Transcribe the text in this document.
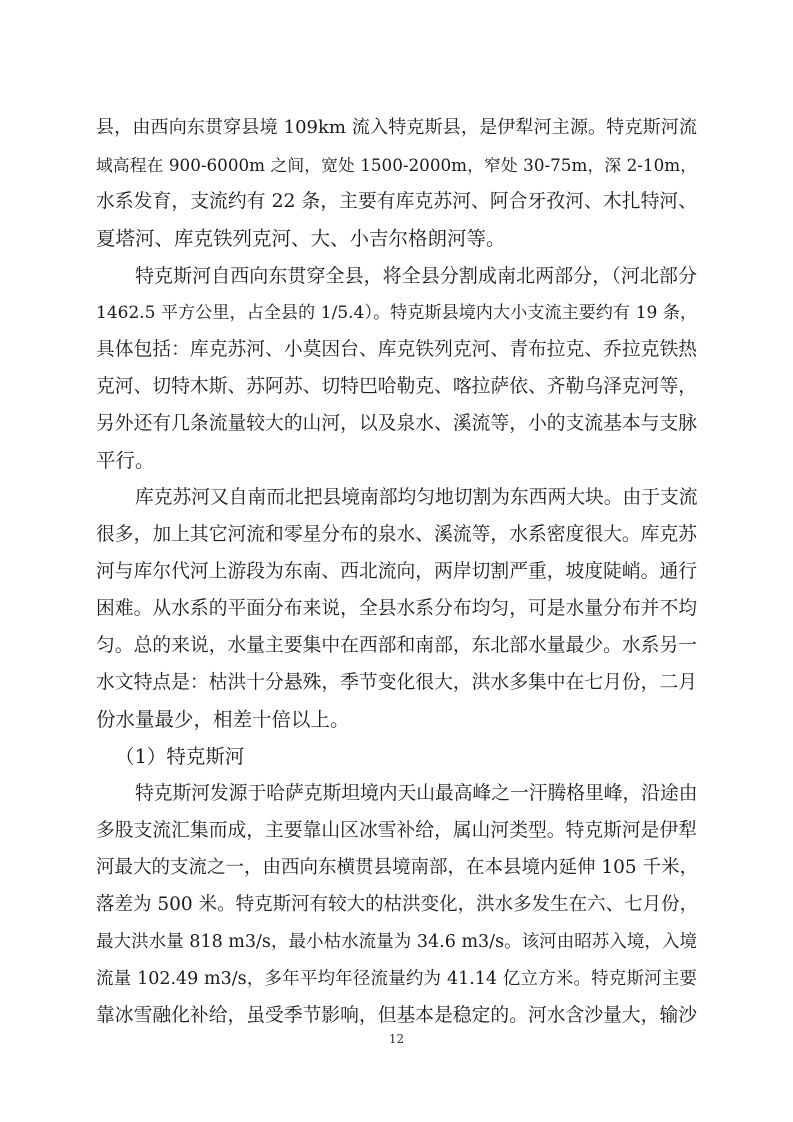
县，由西向东贯穿县境 109km 流入特克斯县，是伊犁河主源。特克斯河流
域高程在 900-6000m 之间，宽处 1500-2000m，窄处 30-75m，深 2-10m，
水系发育，支流约有 22 条，主要有库克苏河、阿合牙孜河、木扎特河、
夏塔河、库克铁列克河、大、小吉尔格朗河等。
特克斯河自西向东贯穿全县，将全县分割成南北两部分，（河北部分
1462.5 平方公里，占全县的 1/5.4）。特克斯县境内大小支流主要约有 19 条，
具体包括：库克苏河、小莫因台、库克铁列克河、青布拉克、乔拉克铁热
克河、切特木斯、苏阿苏、切特巴哈勒克、喀拉萨依、齐勒乌泽克河等，
另外还有几条流量较大的山河，以及泉水、溪流等，小的支流基本与支脉
平行。
库克苏河又自南而北把县境南部均匀地切割为东西两大块。由于支流
很多，加上其它河流和零星分布的泉水、溪流等，水系密度很大。库克苏
河与库尔代河上游段为东南、西北流向，两岸切割严重，坡度陡峭。通行
困难。从水系的平面分布来说，全县水系分布均匀，可是水量分布并不均
匀。总的来说，水量主要集中在西部和南部，东北部水量最少。水系另一
水文特点是：枯洪十分悬殊，季节变化很大，洪水多集中在七月份，二月
份水量最少，相差十倍以上。
（1）特克斯河
特克斯河发源于哈萨克斯坦境内天山最高峰之一汗腾格里峰，沿途由
多股支流汇集而成，主要靠山区冰雪补给，属山河类型。特克斯河是伊犁
河最大的支流之一，由西向东横贯县境南部，在本县境内延伸 105 千米，
落差为 500 米。特克斯河有较大的枯洪变化，洪水多发生在六、七月份，
最大洪水量 818 m3/s，最小枯水流量为 34.6 m3/s。该河由昭苏入境，入境
流量 102.49 m3/s，多年平均年径流量约为 41.14 亿立方米。特克斯河主要
靠冰雪融化补给，虽受季节影响，但基本是稳定的。河水含沙量大，输沙
12
